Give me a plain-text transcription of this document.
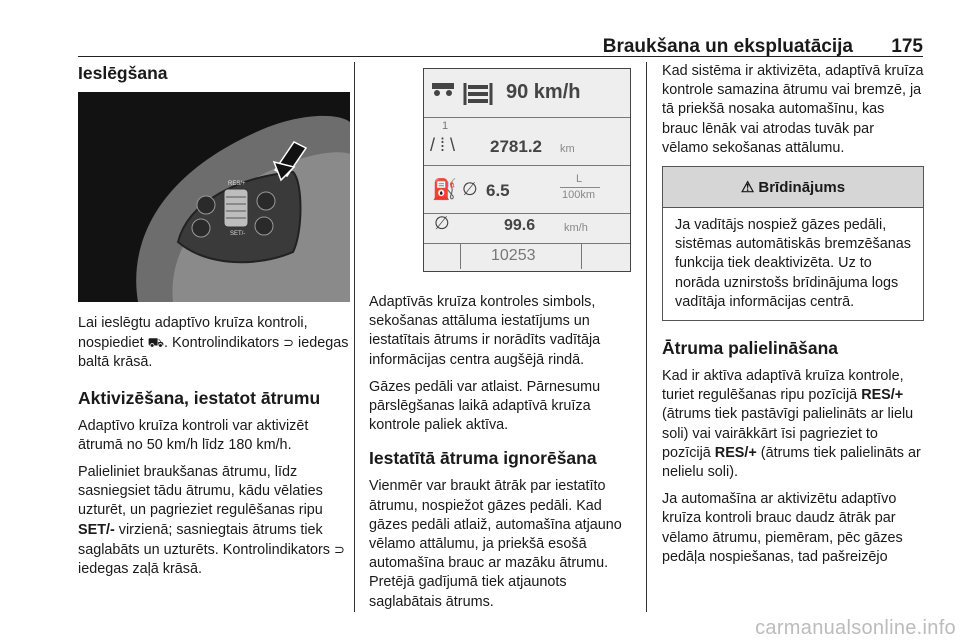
Braukšana un ekspluatācija 175
Ieslēgšana
RES/+
SET/-

Lai ieslēgtu adaptīvo kruīza kontroli, nospiediet ⛟. Kontrolindikators ⊃ iedegas baltā krāsā.

Aktivizēšana, iestatot ātrumu

Adaptīvo kruīza kontroli var aktivizēt ātrumā no 50 km/h līdz 180 km/h.

Palieliniet braukšanas ātrumu, līdz sasniegsiet tādu ātrumu, kādu vēlaties uzturēt, un pagrieziet regulēšanas ripu SET/- virzienā; sasniegtais ātrums tiek saglabāts un uzturēts. Kontrolindikators ⊃ iedegas zaļā krāsā.

90 km/h
1
/ ⁞ \ 2781.2 km
⛽ ∅ 6.5
L
100km
∅	99.6	km/h
10253

Adaptīvās kruīza kontroles simbols, sekošanas attāluma iestatījums un iestatītais ātrums ir norādīts vadītāja informācijas centra augšējā rindā.

Gāzes pedāli var atlaist. Pārnesumu pārslēgšanas laikā adaptīvā kruīza kontrole paliek aktīva.

Iestatītā ātruma ignorēšana

Vienmēr var braukt ātrāk par iestatīto ātrumu, nospiežot gāzes pedāli. Kad gāzes pedāli atlaiž, automašīna atjauno vēlamo attālumu, ja priekšā esošā automašīna brauc ar mazāku ātrumu. Pretējā gadījumā tiek atjaunots saglabātais ātrums.

Kad sistēma ir aktivizēta, adaptīvā kruīza kontrole samazina ātrumu vai bremzē, ja tā priekšā nosaka automašīnu, kas brauc lēnāk vai atrodas tuvāk par vēlamo sekošanas attālumu.

⚠ Brīdinājums
Ja vadītājs nospiež gāzes pedāli, sistēmas automātiskās bremzēšanas funkcija tiek deaktivizēta. Uz to norāda uznirstošs brīdinājuma logs vadītāja informācijas centrā.
Ātruma palielināšana

Kad ir aktīva adaptīvā kruīza kontrole, turiet regulēšanas ripu pozīcijā RES/+ (ātrums tiek pastāvīgi palielināts ar lielu soli) vai vairākkārt īsi pagrieziet to pozīcijā RES/+ (ātrums tiek palielināts ar nelielu soli).

Ja automašīna ar aktivizētu adaptīvo kruīza kontroli brauc daudz ātrāk par vēlamo ātrumu, piemēram, pēc gāzes pedāļa nospiešanas, tad pašreizējo

carmanualsonline.info
